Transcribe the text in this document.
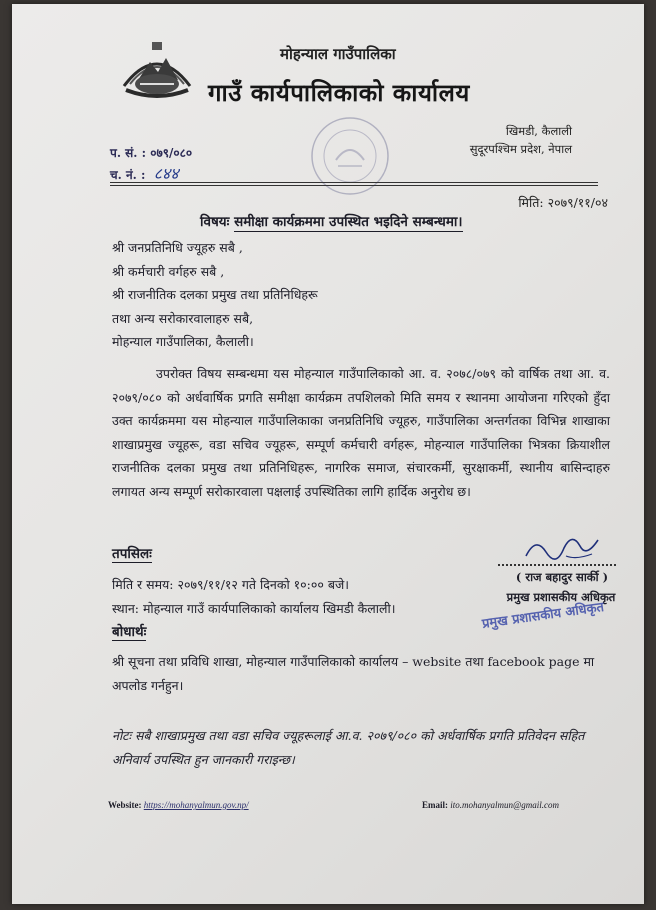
मोहन्याल गाउँपालिका
गाउँ कार्यपालिकाको कार्यालय
खिमडी, कैलाली
सुदूरपश्चिम प्रदेश, नेपाल
प. सं. : ०७९/०८०
च. नं. : ८४४
मिति: २०७९/११/०४
विषयः समीक्षा कार्यक्रममा उपस्थित भइदिने सम्बन्धमा।
श्री जनप्रतिनिधि ज्यूहरु सबै ,
श्री कर्मचारी वर्गहरु सबै ,
श्री राजनीतिक दलका प्रमुख तथा प्रतिनिधिहरू
तथा अन्य सरोकारवालाहरु सबै,
मोहन्याल गाउँपालिका, कैलाली।
उपरोक्त विषय सम्बन्धमा यस मोहन्याल गाउँपालिकाको आ. व. २०७८/०७९ को वार्षिक तथा आ. व. २०७९/०८० को अर्धवार्षिक प्रगति समीक्षा कार्यक्रम तपशिलको मिति समय र स्थानमा आयोजना गरिएको हुँदा उक्त कार्यक्रममा यस मोहन्याल गाउँपालिकाका जनप्रतिनिधि ज्यूहरु, गाउँपालिका अन्तर्गतका विभिन्न शाखाका शाखाप्रमुख ज्यूहरू, वडा सचिव ज्यूहरू, सम्पूर्ण कर्मचारी वर्गहरू, मोहन्याल गाउँपालिका भित्रका क्रियाशील राजनीतिक दलका प्रमुख तथा प्रतिनिधिहरू, नागरिक समाज, संचारकर्मी, सुरक्षाकर्मी, स्थानीय बासिन्दाहरु लगायत अन्य सम्पूर्ण सरोकारवाला पक्षलाई उपस्थितिका लागि हार्दिक अनुरोध छ।
( राज बहादुर सार्की )
प्रमुख प्रशासकीय अधिकृत
प्रमुख प्रशासकीय अधिकृत
तपसिलः
मिति र समय: २०७९/११/१२ गते दिनको १०:०० बजे।
स्थान: मोहन्याल गाउँ कार्यपालिकाको कार्यालय खिमडी कैलाली।
बोधार्थः
श्री सूचना तथा प्रविधि शाखा, मोहन्याल गाउँपालिकाको कार्यालय – website तथा facebook page मा अपलोड गर्नहुन।
नोटः सबै शाखाप्रमुख तथा वडा सचिव ज्यूहरूलाई आ.व. २०७९/०८० को अर्धवार्षिक प्रगति प्रतिवेदन सहित अनिवार्य उपस्थित हुन जानकारी गराइन्छ।
Website: https://mohanyalmun.gov.np/	Email: ito.mohanyalmun@gmail.com
